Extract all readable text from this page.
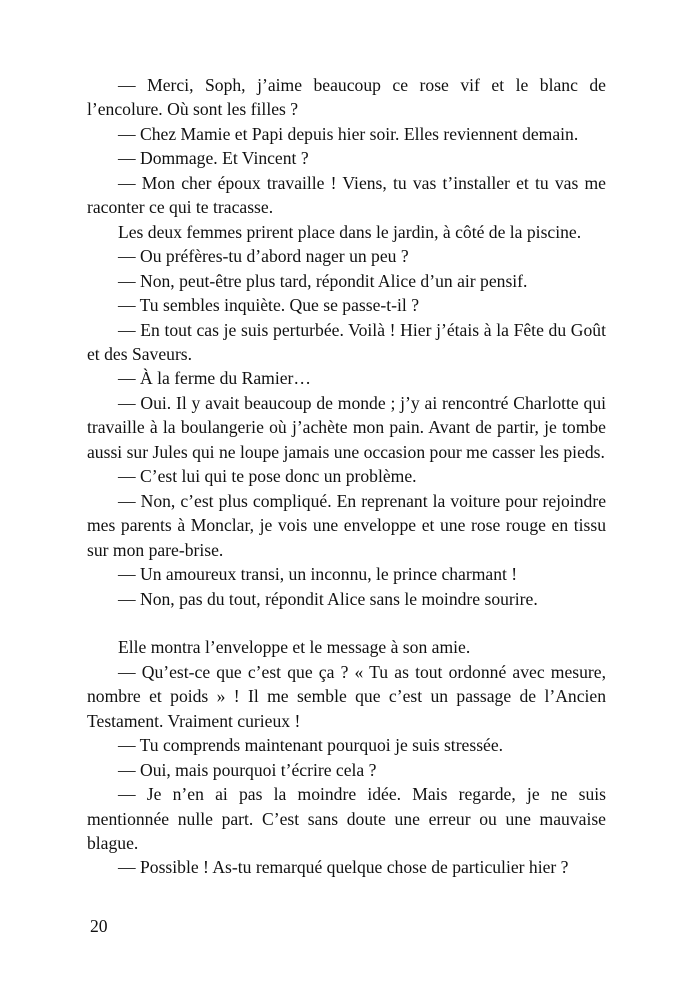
— Merci, Soph, j’aime beaucoup ce rose vif et le blanc de l’encolure. Où sont les filles ?

— Chez Mamie et Papi depuis hier soir. Elles reviennent demain.

— Dommage. Et Vincent ?

— Mon cher époux travaille ! Viens, tu vas t’installer et tu vas me raconter ce qui te tracasse.

Les deux femmes prirent place dans le jardin, à côté de la piscine.

— Ou préfères-tu d’abord nager un peu ?

— Non, peut-être plus tard, répondit Alice d’un air pensif.

— Tu sembles inquiète. Que se passe-t-il ?

— En tout cas je suis perturbée. Voilà ! Hier j’étais à la Fête du Goût et des Saveurs.

— À la ferme du Ramier…

— Oui. Il y avait beaucoup de monde ; j’y ai rencontré Charlotte qui travaille à la boulangerie où j’achète mon pain. Avant de partir, je tombe aussi sur Jules qui ne loupe jamais une occasion pour me casser les pieds.

— C’est lui qui te pose donc un problème.

— Non, c’est plus compliqué. En reprenant la voiture pour rejoindre mes parents à Monclar, je vois une enveloppe et une rose rouge en tissu sur mon pare-brise.

— Un amoureux transi, un inconnu, le prince charmant !

— Non, pas du tout, répondit Alice sans le moindre sourire.

Elle montra l’enveloppe et le message à son amie.

— Qu’est-ce que c’est que ça ? « Tu as tout ordonné avec mesure, nombre et poids » ! Il me semble que c’est un passage de l’Ancien Testament. Vraiment curieux !

— Tu comprends maintenant pourquoi je suis stressée.

— Oui, mais pourquoi t’écrire cela ?

— Je n’en ai pas la moindre idée. Mais regarde, je ne suis mentionnée nulle part. C’est sans doute une erreur ou une mauvaise blague.

— Possible ! As-tu remarqué quelque chose de particulier hier ?

20
